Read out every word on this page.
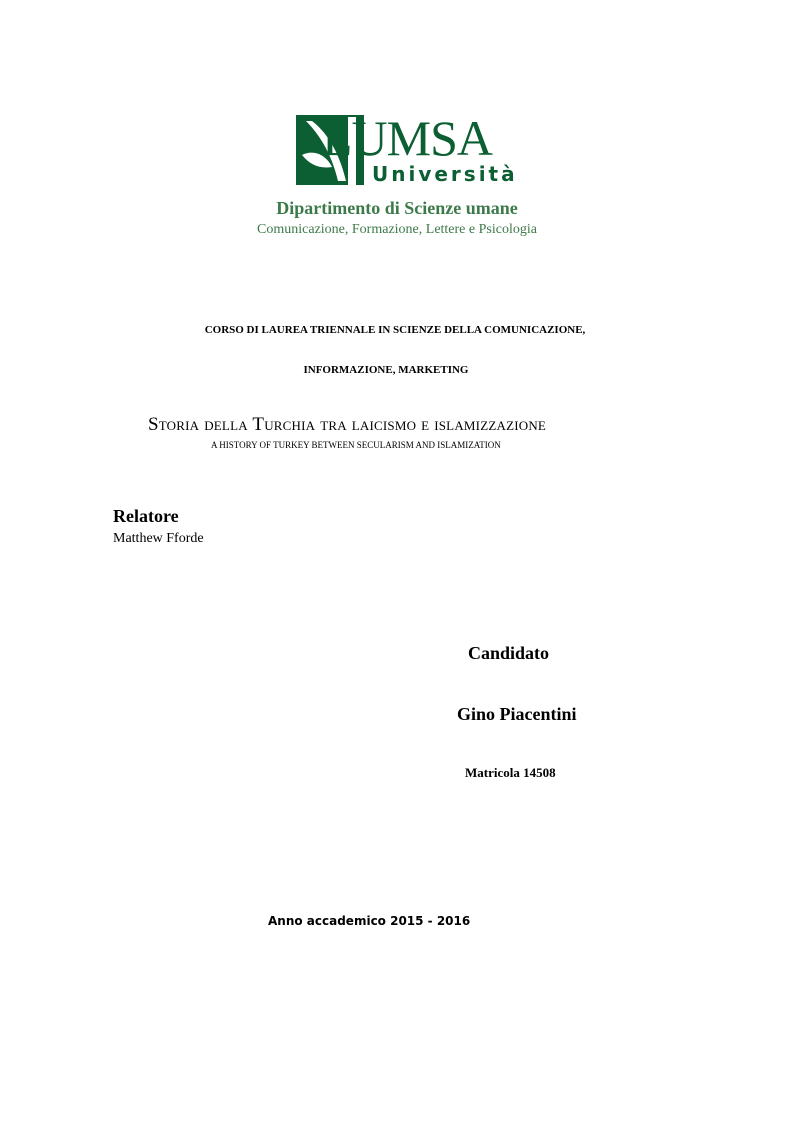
LUMSA
Università
Dipartimento di Scienze umane
Comunicazione, Formazione, Lettere e Psicologia
CORSO DI LAUREA TRIENNALE IN SCIENZE DELLA COMUNICAZIONE,
INFORMAZIONE, MARKETING
Storia della Turchia tra laicismo e islamizzazione
A HISTORY OF TURKEY BETWEEN SECULARISM AND ISLAMIZATION
Relatore
Matthew Fforde
Candidato
Gino Piacentini
Matricola 14508
Anno accademico 2015 - 2016
